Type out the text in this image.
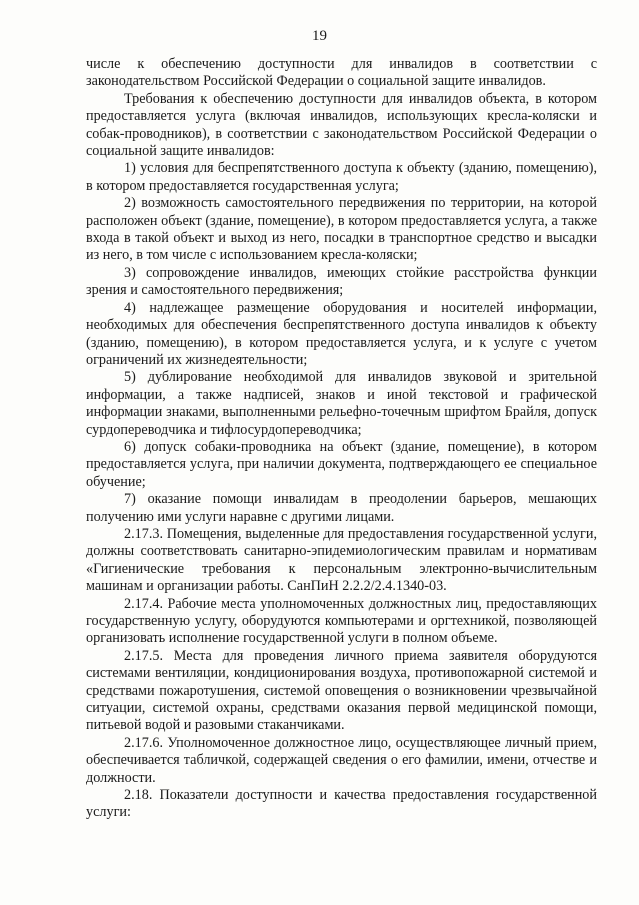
19

числе к обеспечению доступности для инвалидов в соответствии с законодательством Российской Федерации о социальной защите инвалидов.

Требования к обеспечению доступности для инвалидов объекта, в котором предоставляется услуга (включая инвалидов, использующих кресла-коляски и собак-проводников), в соответствии с законодательством Российской Федерации о социальной защите инвалидов:

1) условия для беспрепятственного доступа к объекту (зданию, помещению), в котором предоставляется государственная услуга;

2) возможность самостоятельного передвижения по территории, на которой расположен объект (здание, помещение), в котором предоставляется услуга, а также входа в такой объект и выход из него, посадки в транспортное средство и высадки из него, в том числе с использованием кресла-коляски;

3) сопровождение инвалидов, имеющих стойкие расстройства функции зрения и самостоятельного передвижения;

4) надлежащее размещение оборудования и носителей информации, необходимых для обеспечения беспрепятственного доступа инвалидов к объекту (зданию, помещению), в котором предоставляется услуга, и к услуге с учетом ограничений их жизнедеятельности;

5) дублирование необходимой для инвалидов звуковой и зрительной информации, а также надписей, знаков и иной текстовой и графической информации знаками, выполненными рельефно-точечным шрифтом Брайля, допуск сурдопереводчика и тифлосурдопереводчика;

6) допуск собаки-проводника на объект (здание, помещение), в котором предоставляется услуга, при наличии документа, подтверждающего ее специальное обучение;

7) оказание помощи инвалидам в преодолении барьеров, мешающих получению ими услуги наравне с другими лицами.

2.17.3. Помещения, выделенные для предоставления государственной услуги, должны соответствовать санитарно-эпидемиологическим правилам и нормативам «Гигиенические требования к персональным электронно-вычислительным машинам и организации работы. СанПиН 2.2.2/2.4.1340-03.

2.17.4. Рабочие места уполномоченных должностных лиц, предоставляющих государственную услугу, оборудуются компьютерами и оргтехникой, позволяющей организовать исполнение государственной услуги в полном объеме.

2.17.5. Места для проведения личного приема заявителя оборудуются системами вентиляции, кондиционирования воздуха, противопожарной системой и средствами пожаротушения, системой оповещения о возникновении чрезвычайной ситуации, системой охраны, средствами оказания первой медицинской помощи, питьевой водой и разовыми стаканчиками.

2.17.6. Уполномоченное должностное лицо, осуществляющее личный прием, обеспечивается табличкой, содержащей сведения о его фамилии, имени, отчестве и должности.

2.18. Показатели доступности и качества предоставления государственной услуги:
